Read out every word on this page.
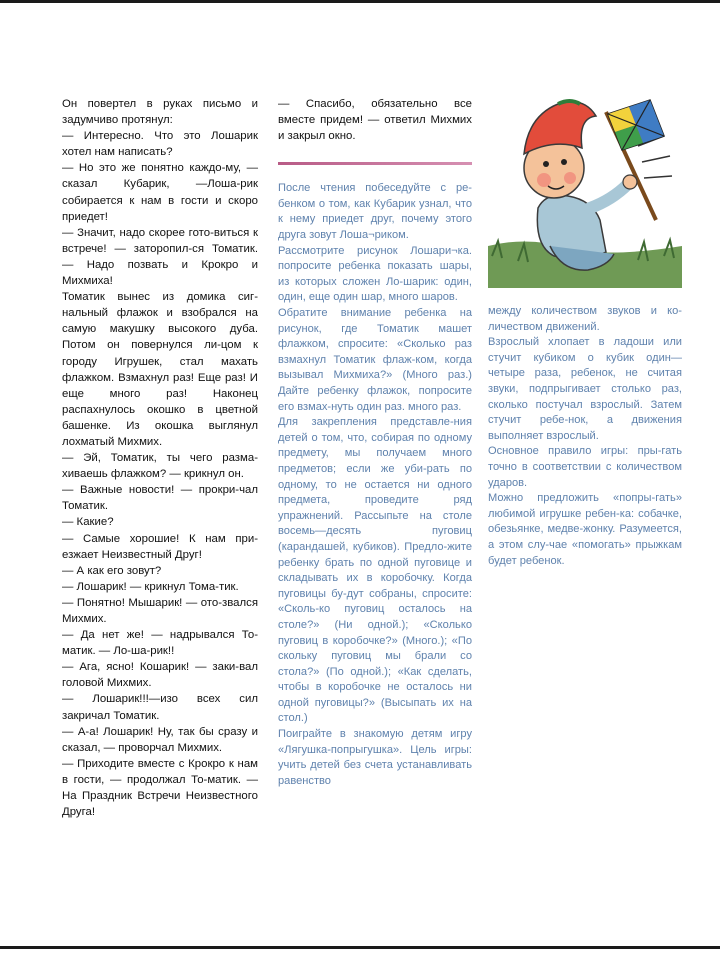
Он повертел в руках письмо и задумчиво протянул:

— Интересно. Что это Лошарик хотел нам написать?

— Но это же понятно каждо-му, — сказал Кубарик, —Лоша-рик собирается к нам в гости и скоро приедет!

— Значит, надо скорее гото-виться к встрече! — заторопил-ся Томатик. — Надо позвать и Крокро и Михмиха!

Томатик вынес из домика сиг-нальный флажок и взобрался на самую макушку высокого дуба. Потом он повернулся ли-цом к городу Игрушек, стал махать флажком. Взмахнул раз! Еще раз! И еще много раз! Наконец распахнулось окошко в цветной башенке. Из окошка выглянул лохматый Михмих.

— Эй, Томатик, ты чего разма-хиваешь флажком? — крикнул он.

— Важные новости! — прокри-чал Томатик.

— Какие?

— Самые хорошие! К нам при-езжает Неизвестный Друг!

— А как его зовут?

— Лошарик! — крикнул Тома-тик.

— Понятно! Мышарик! — ото-звался Михмих.

— Да нет же! — надрывался То-матик. — Ло-ша-рик!!

— Ага, ясно! Кошарик! — заки-вал головой Михмих.

— Лошарик!!!—изо всех сил закричал Томатик.

— А-а! Лошарик! Ну, так бы сразу и сказал, — проворчал Михмих.

— Приходите вместе с Крокро к нам в гости, — продолжал То-матик. — На Праздник Встречи Неизвестного Друга!

— Спасибо, обязательно все вместе придем! — ответил Михмих и закрыл окно.

После чтения побеседуйте с ре-бенком о том, как Кубарик узнал, что к нему приедет друг, почему этого друга зовут Лоша¬риком.

Рассмотрите рисунок Лошари¬ка. попросите ребенка показать шары, из которых сложен Ло-шарик: один, один, еще один шар, много шаров.

Обратите внимание ребенка на рисунок, где Томатик машет флажком, спросите: «Сколько раз взмахнул Томатик флаж-ком, когда вызывал Михмиха?» (Много раз.) Дайте ребенку флажок, попросите его взмах-нуть один раз. много раз.

Для закрепления представле-ния детей о том, что, собирая по одному предмету, мы получаем много предметов; если же уби-рать по одному, то не остается ни одного предмета, проведите ряд упражнений. Рассыпьте на столе восемь—десять пуговиц (карандашей, кубиков). Предло-жите ребенку брать по одной пуговице и складывать их в коробочку. Когда пуговицы бу-дут собраны, спросите: «Сколь-ко пуговиц осталось на столе?» (Ни одной.); «Сколько пуговиц в коробочке?» (Много.); «По скольку пуговиц мы брали со стола?» (По одной.); «Как сделать, чтобы в коробочке не осталось ни одной пуговицы?» (Высыпать их на стол.)

Поиграйте в знакомую детям игру «Лягушка-попрыгушка». Цель игры: учить детей без счета устанавливать равенство

между количеством звуков и ко-личеством движений.

Взрослый хлопает в ладоши или стучит кубиком о кубик один—четыре раза, ребенок, не считая звуки, подпрыгивает столько раз, сколько постучал взрослый. Затем стучит ребе-нок, а движения выполняет взрослый.

Основное правило игры: пры-гать точно в соответствии с количеством ударов.

Можно предложить «попры-гать» любимой игрушке ребен-ка: собачке, обезьянке, медве-жонку. Разумеется, а этом слу-чае «помогать» прыжкам будет ребенок.
